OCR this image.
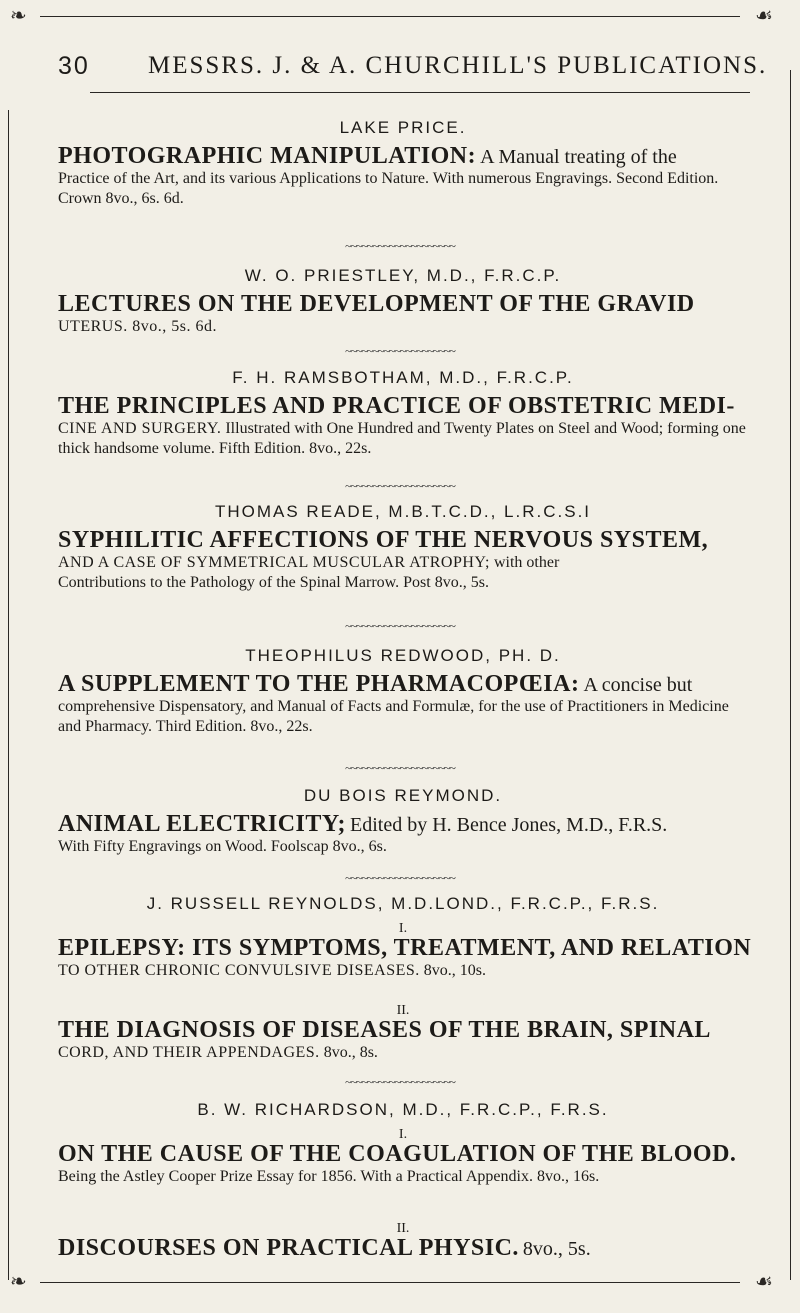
❧	☙
30 MESSRS. J. & A. CHURCHILL'S PUBLICATIONS.
LAKE PRICE.
PHOTOGRAPHIC MANIPULATION: A Manual treating of the
Practice of the Art, and its various Applications to Nature. With numerous Engravings. Second Edition. Crown 8vo., 6s. 6d.
~~~~~~~~~~~~~~~~~~~~
W. O. PRIESTLEY, M.D., F.R.C.P.
LECTURES ON THE DEVELOPMENT OF THE GRAVID
UTERUS. 8vo., 5s. 6d.
~~~~~~~~~~~~~~~~~~~~
F. H. RAMSBOTHAM, M.D., F.R.C.P.
THE PRINCIPLES AND PRACTICE OF OBSTETRIC MEDI-
CINE AND SURGERY. Illustrated with One Hundred and Twenty Plates on Steel and Wood; forming one thick handsome volume. Fifth Edition. 8vo., 22s.
~~~~~~~~~~~~~~~~~~~~
THOMAS READE, M.B.T.C.D., L.R.C.S.I
SYPHILITIC AFFECTIONS OF THE NERVOUS SYSTEM,
AND A CASE OF SYMMETRICAL MUSCULAR ATROPHY; with other
Contributions to the Pathology of the Spinal Marrow. Post 8vo., 5s.
~~~~~~~~~~~~~~~~~~~~
THEOPHILUS REDWOOD, PH. D.
A SUPPLEMENT TO THE PHARMACOPŒIA: A concise but
comprehensive Dispensatory, and Manual of Facts and Formulæ, for the use of Practitioners in Medicine and Pharmacy. Third Edition. 8vo., 22s.
~~~~~~~~~~~~~~~~~~~~
DU BOIS REYMOND.
ANIMAL ELECTRICITY; Edited by H. Bence Jones, M.D., F.R.S.
With Fifty Engravings on Wood. Foolscap 8vo., 6s.
~~~~~~~~~~~~~~~~~~~~
J. RUSSELL REYNOLDS, M.D.LOND., F.R.C.P., F.R.S.
I.
EPILEPSY: ITS SYMPTOMS, TREATMENT, AND RELATION
TO OTHER CHRONIC CONVULSIVE DISEASES. 8vo., 10s.
II.
THE DIAGNOSIS OF DISEASES OF THE BRAIN, SPINAL
CORD, AND THEIR APPENDAGES. 8vo., 8s.
~~~~~~~~~~~~~~~~~~~~
B. W. RICHARDSON, M.D., F.R.C.P., F.R.S.
I.
ON THE CAUSE OF THE COAGULATION OF THE BLOOD.
Being the Astley Cooper Prize Essay for 1856. With a Practical Appendix. 8vo., 16s.
II.
DISCOURSES ON PRACTICAL PHYSIC. 8vo., 5s.
❧	☙
